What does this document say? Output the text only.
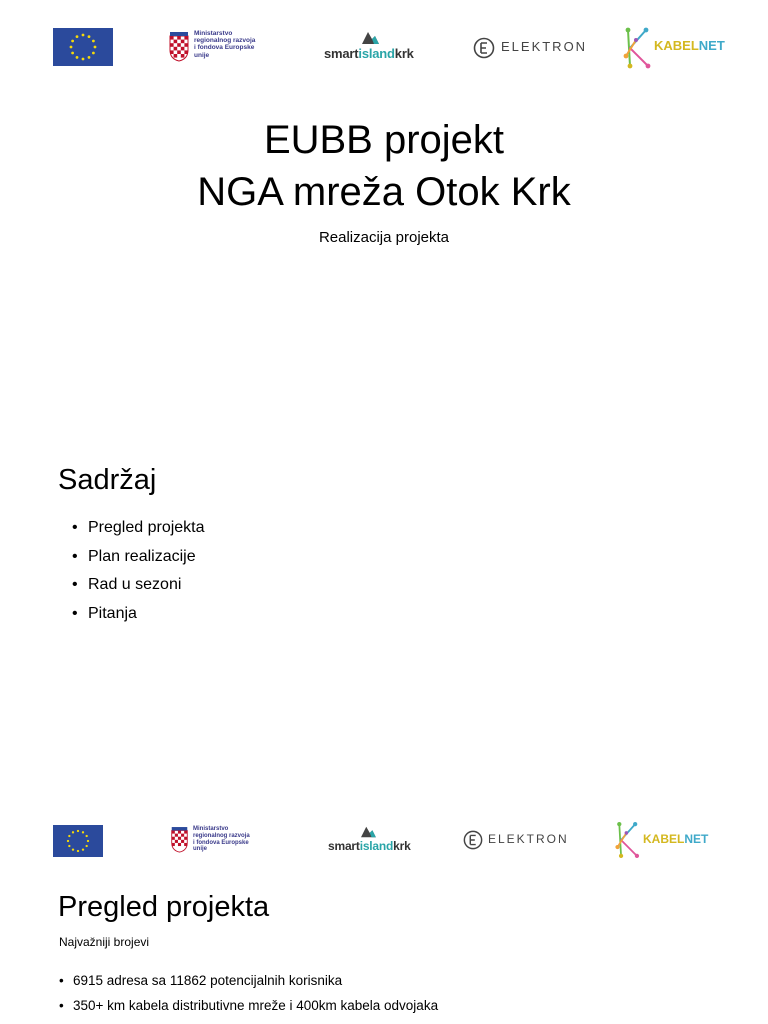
Ministarstvo
regionalnog razvoja
i fondova Europske
unije	smartislandkrk	ELEKTRON	KABELNET
EUBB projekt
NGA mreža Otok Krk
Realizacija projekta
Sadržaj
• Pregled projekta
• Plan realizacije
• Rad u sezoni
• Pitanja
Ministarstvo
regionalnog razvoja
i fondova Europske
unije	smartislandkrk	ELEKTRON	KABELNET
Pregled projekta
Najvažniji brojevi
• 6915 adresa sa 11862 potencijalnih korisnika
• 350+ km kabela distributivne mreže i 400km kabela odvojaka
